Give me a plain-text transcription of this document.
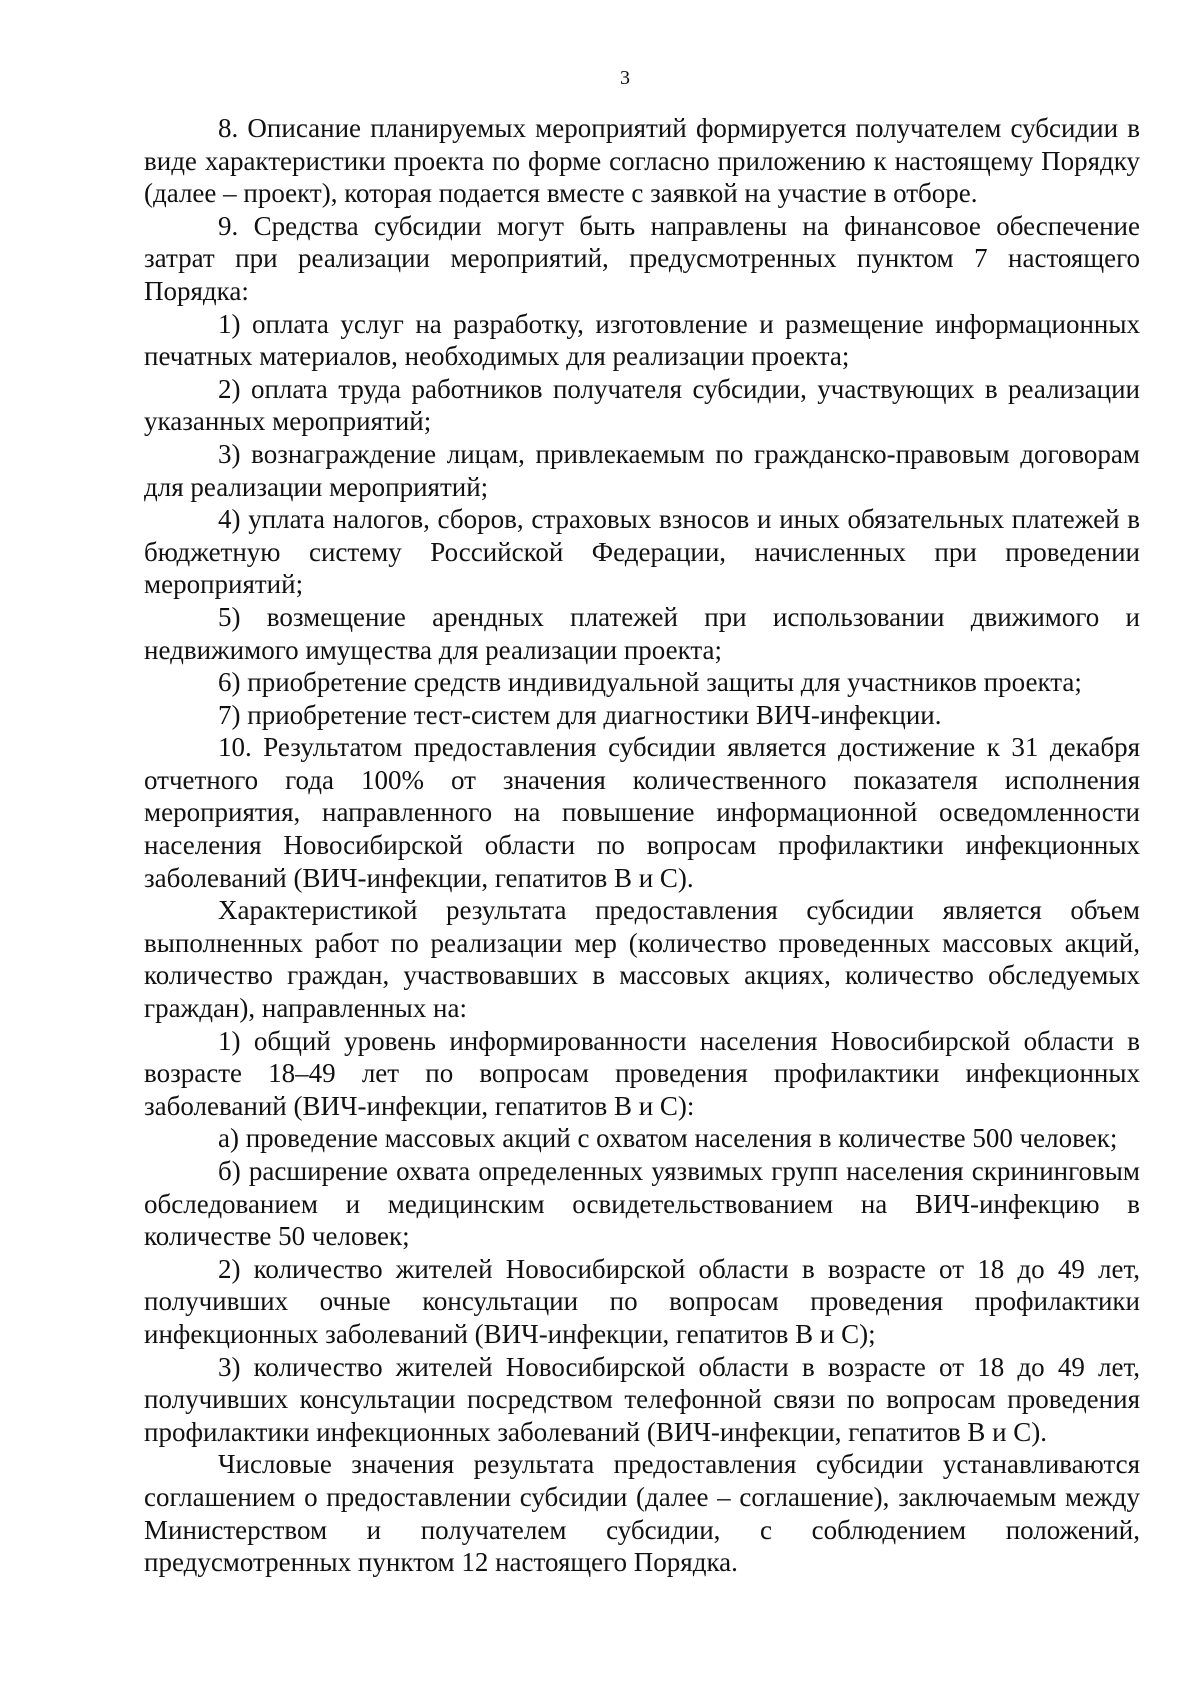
3

8. Описание планируемых мероприятий формируется получателем субсидии в виде характеристики проекта по форме согласно приложению к настоящему Порядку (далее – проект), которая подается вместе с заявкой на участие в отборе.

9. Средства субсидии могут быть направлены на финансовое обеспечение затрат при реализации мероприятий, предусмотренных пунктом 7 настоящего Порядка:

1) оплата услуг на разработку, изготовление и размещение информационных печатных материалов, необходимых для реализации проекта;

2) оплата труда работников получателя субсидии, участвующих в реализации указанных мероприятий;

3) вознаграждение лицам, привлекаемым по гражданско-правовым договорам для реализации мероприятий;

4) уплата налогов, сборов, страховых взносов и иных обязательных платежей в бюджетную систему Российской Федерации, начисленных при проведении мероприятий;

5) возмещение арендных платежей при использовании движимого и недвижимого имущества для реализации проекта;

6) приобретение средств индивидуальной защиты для участников проекта;

7) приобретение тест-систем для диагностики ВИЧ-инфекции.

10. Результатом предоставления субсидии является достижение к 31 декабря отчетного года 100% от значения количественного показателя исполнения мероприятия, направленного на повышение информационной осведомленности населения Новосибирской области по вопросам профилактики инфекционных заболеваний (ВИЧ-инфекции, гепатитов В и С).

Характеристикой результата предоставления субсидии является объем выполненных работ по реализации мер (количество проведенных массовых акций, количество граждан, участвовавших в массовых акциях, количество обследуемых граждан), направленных на:

1) общий уровень информированности населения Новосибирской области в возрасте 18–49 лет по вопросам проведения профилактики инфекционных заболеваний (ВИЧ-инфекции, гепатитов В и С):

а) проведение массовых акций с охватом населения в количестве 500 человек;

б) расширение охвата определенных уязвимых групп населения скрининговым обследованием и медицинским освидетельствованием на ВИЧ-инфекцию в количестве 50 человек;

2) количество жителей Новосибирской области в возрасте от 18 до 49 лет, получивших очные консультации по вопросам проведения профилактики инфекционных заболеваний (ВИЧ-инфекции, гепатитов В и С);

3) количество жителей Новосибирской области в возрасте от 18 до 49 лет, получивших консультации посредством телефонной связи по вопросам проведения профилактики инфекционных заболеваний (ВИЧ-инфекции, гепатитов В и С).

Числовые значения результата предоставления субсидии устанавливаются соглашением о предоставлении субсидии (далее – соглашение), заключаемым между Министерством и получателем субсидии, с соблюдением положений, предусмотренных пунктом 12 настоящего Порядка.
